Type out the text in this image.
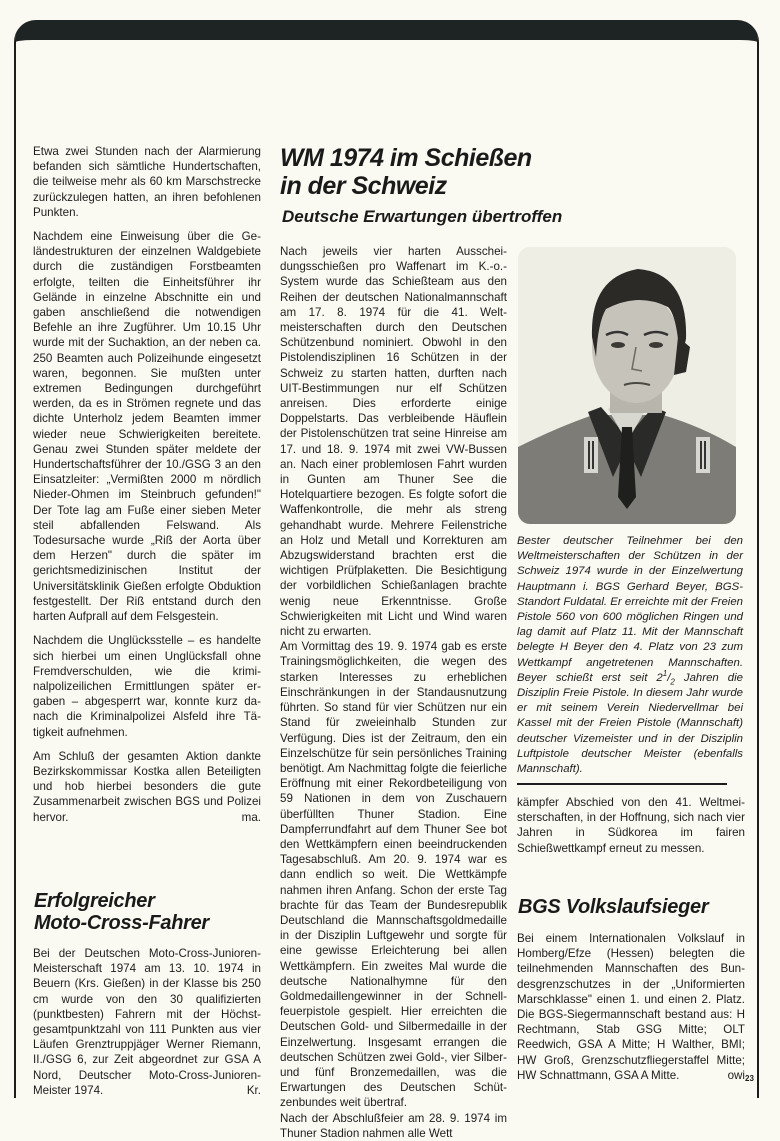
Etwa zwei Stunden nach der Alarmierung befanden sich sämtliche Hundertschaften, die teilweise mehr als 60 km Marschstrecke zurückzulegen hatten, an ihren befohlenen Punkten.

Nachdem eine Einweisung über die Geländestrukturen der einzelnen Waldgebiete durch die zuständigen Forstbeamten erfolgte, teilten die Einheitsführer ihr Gelände in einzelne Abschnitte ein und gaben anschließend die notwendigen Befehle an ihre Zugführer. Um 10.15 Uhr wurde mit der Suchaktion, an der neben ca. 250 Beamten auch Polizeihunde eingesetzt waren, begonnen. Sie mußten unter extremen Bedingungen durchgeführt werden, da es in Strömen regnete und das dichte Unterholz jedem Beamten immer wieder neue Schwierigkeiten bereitete. Genau zwei Stunden später meldete der Hundertschaftsführer der 10./GSG 3 an den Einsatzleiter: „Vermißten 2000 m nördlich Nieder-Ohmen im Steinbruch gefunden!" Der Tote lag am Fuße einer sieben Meter steil abfallenden Felswand. Als Todesursache wurde „Riß der Aorta über dem Herzen" durch die später im gerichtsmedizinischen Institut der Universitätsklinik Gießen erfolgte Obduktion festgestellt. Der Riß entstand durch den harten Aufprall auf dem Felsgestein.

Nachdem die Unglücksstelle – es handelte sich hierbei um einen Unglücksfall ohne Fremdverschulden, wie die kriminalpolizeilichen Ermittlungen später ergaben – abgesperrt war, konnte kurz danach die Kriminalpolizei Alsfeld ihre Tätigkeit aufnehmen.

Am Schluß der gesamten Aktion dankte Bezirkskommissar Kostka allen Beteiligten und hob hierbei besonders die gute Zusammenarbeit zwischen BGS und Polizei hervor.	ma.

Erfolgreicher
Moto-Cross-Fahrer

Bei der Deutschen Moto-Cross-Junioren-Meisterschaft 1974 am 13. 10. 1974 in Beuern (Krs. Gießen) in der Klasse bis 250 cm wurde von den 30 qualifizierten (punktbesten) Fahrern mit der Höchstgesamtpunktzahl von 111 Punkten aus vier Läufen Grenztruppjäger Werner Riemann, II./GSG 6, zur Zeit abgeordnet zur GSA A Nord, Deutscher Moto-Cross-Junioren-Meister 1974.	Kr.

WM 1974 im Schießen
in der Schweiz
Deutsche Erwartungen übertroffen

Nach jeweils vier harten Ausscheidungsschießen pro Waffenart im K.-o.-System wurde das Schießteam aus den Reihen der deutschen Nationalmannschaft am 17. 8. 1974 für die 41. Weltmeisterschaften durch den Deutschen Schützenbund nominiert. Obwohl in den Pistolendisziplinen 16 Schützen in der Schweiz zu starten hatten, durften nach UIT-Bestimmungen nur elf Schützen anreisen. Dies erforderte einige Doppelstarts. Das verbleibende Häuflein der Pistolenschützen trat seine Hinreise am 17. und 18. 9. 1974 mit zwei VW-Bussen an. Nach einer problemlosen Fahrt wurden in Gunten am Thuner See die Hotelquartiere bezogen. Es folgte sofort die Waffenkontrolle, die mehr als streng gehandhabt wurde. Mehrere Feilenstriche an Holz und Metall und Korrekturen am Abzugswiderstand brachten erst die wichtigen Prüfplaketten. Die Besichtigung der vorbildlichen Schießanlagen brachte wenig neue Erkenntnisse. Große Schwierigkeiten mit Licht und Wind waren nicht zu erwarten.

Am Vormittag des 19. 9. 1974 gab es erste Trainingsmöglichkeiten, die wegen des starken Interesses zu erheblichen Einschränkungen in der Standausnutzung führten. So stand für vier Schützen nur ein Stand für zweieinhalb Stunden zur Verfügung. Dies ist der Zeitraum, den ein Einzelschütze für sein persönliches Training benötigt. Am Nachmittag folgte die feierliche Eröffnung mit einer Rekordbeteiligung von 59 Nationen in dem von Zuschauern überfüllten Thuner Stadion. Eine Dampferrundfahrt auf dem Thuner See bot den Wettkämpfern einen beeindruckenden Tagesabschluß. Am 20. 9. 1974 war es dann endlich so weit. Die Wettkämpfe nahmen ihren Anfang. Schon der erste Tag brachte für das Team der Bundesrepublik Deutschland die Mannschaftsgoldmedaille in der Disziplin Luftgewehr und sorgte für eine gewisse Erleichterung bei allen Wettkämpfern. Ein zweites Mal wurde die deutsche Nationalhymne für den Goldmedaillengewinner in der Schnellfeuerpistole gespielt. Hier erreichten die Deutschen Gold- und Silbermedaille in der Einzelwertung. Insgesamt errangen die deutschen Schützen zwei Gold-, vier Silber- und fünf Bronzemedaillen, was die Erwartungen des Deutschen Schützenbundes weit übertraf.

Nach der Abschlußfeier am 28. 9. 1974 im Thuner Stadion nahmen alle Wett

Bester deutscher Teilnehmer bei den Weltmeisterschaften der Schützen in der Schweiz 1974 wurde in der Einzelwertung Hauptmann i. BGS Gerhard Beyer, BGS-Standort Fuldatal. Er erreichte mit der Freien Pistole 560 von 600 möglichen Ringen und lag damit auf Platz 11. Mit der Mannschaft belegte H Beyer den 4. Platz von 23 zum Wettkampf angetretenen Mannschaften. Beyer schießt erst seit $2^1/_2$ Jahren die Disziplin Freie Pistole. In diesem Jahr wurde er mit seinem Verein Niedervellmar bei Kassel mit der Freien Pistole (Mannschaft) deutscher Vizemeister und in der Disziplin Luftpistole deutscher Meister (ebenfalls Mannschaft).

kämpfer Abschied von den 41. Weltmeisterschaften, in der Hoffnung, sich nach vier Jahren in Südkorea im fairen Schießwettkampf erneut zu messen.

BGS Volkslaufsieger

Bei einem Internationalen Volkslauf in Homberg/Efze (Hessen) belegten die teilnehmenden Mannschaften des Bundesgrenzschutzes in der „Uniformierten Marschklasse" einen 1. und einen 2. Platz. Die BGS-Siegermannschaft bestand aus: H Rechtmann, Stab GSG Mitte; OLT Reedwich, GSA A Mitte; H Walther, BMI; HW Groß, Grenzschutzfliegerstaffel Mitte; HW Schnattmann, GSA A Mitte.	owi 23
